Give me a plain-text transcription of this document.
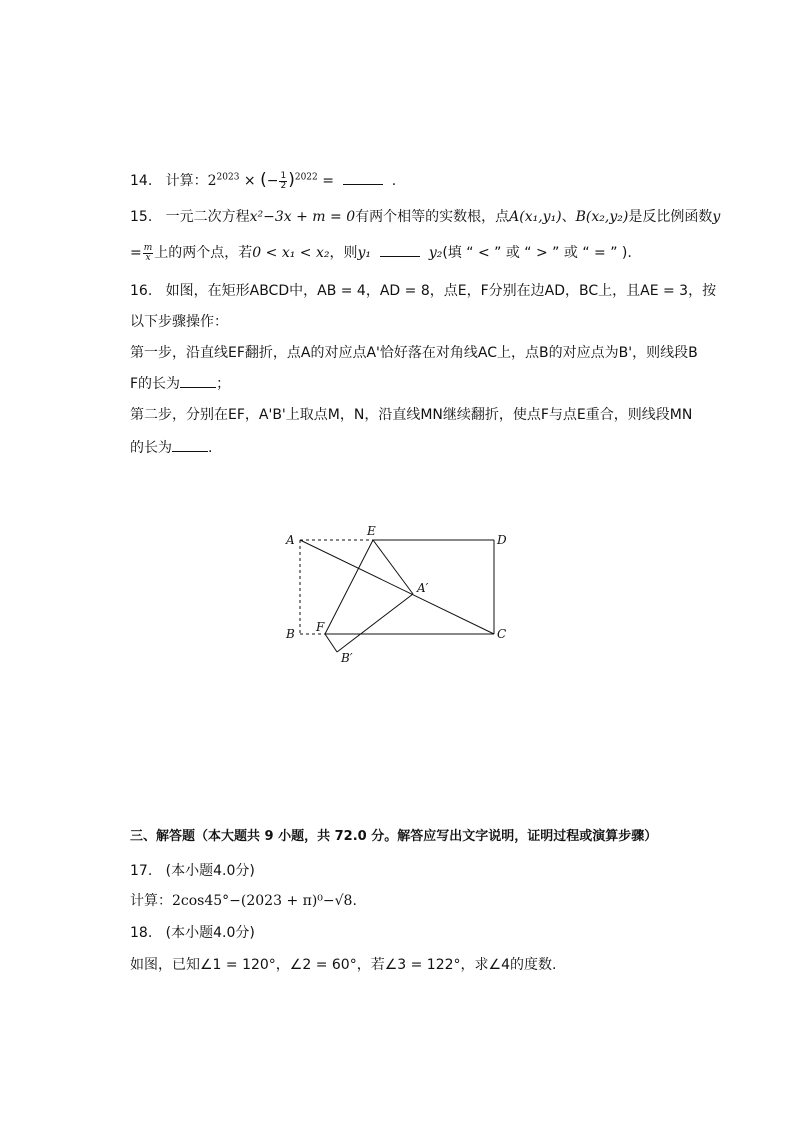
14. 计算：$2^{2023}$ × (− $\frac{1}{2} )^{2022}$ =	.
15. 一元二次方程x²−3x + m = 0有两个相等的实数根，点A(x₁,y₁)、B(x₂,y₂)是反比例函数y
= $\frac{m}{x}$ 上的两个点，若0 < x₁ < x₂，则y₁	y₂(填 “ < ” 或 “ > ” 或 “ = ” ).
16. 如图，在矩形ABCD中，AB = 4，AD = 8，点E，F分别在边AD，BC上，且AE = 3，按
以下步骤操作：
第一步，沿直线EF翻折，点A的对应点A'恰好落在对角线AC上，点B的对应点为B'，则线段B
F的长为	；
第二步，分别在EF，A'B'上取点M，N，沿直线MN继续翻折，使点F与点E重合，则线段MN
的长为	.
A
E
D
A′
B F	C
B′
三、解答题（本大题共 9 小题，共 72.0 分。解答应写出文字说明，证明过程或演算步骤）
17. (本小题4.0分)
计算：2cos45°−(2023 + π)⁰−√8.
18. (本小题4.0分)
如图，已知∠1 = 120°，∠2 = 60°，若∠3 = 122°，求∠4的度数.
